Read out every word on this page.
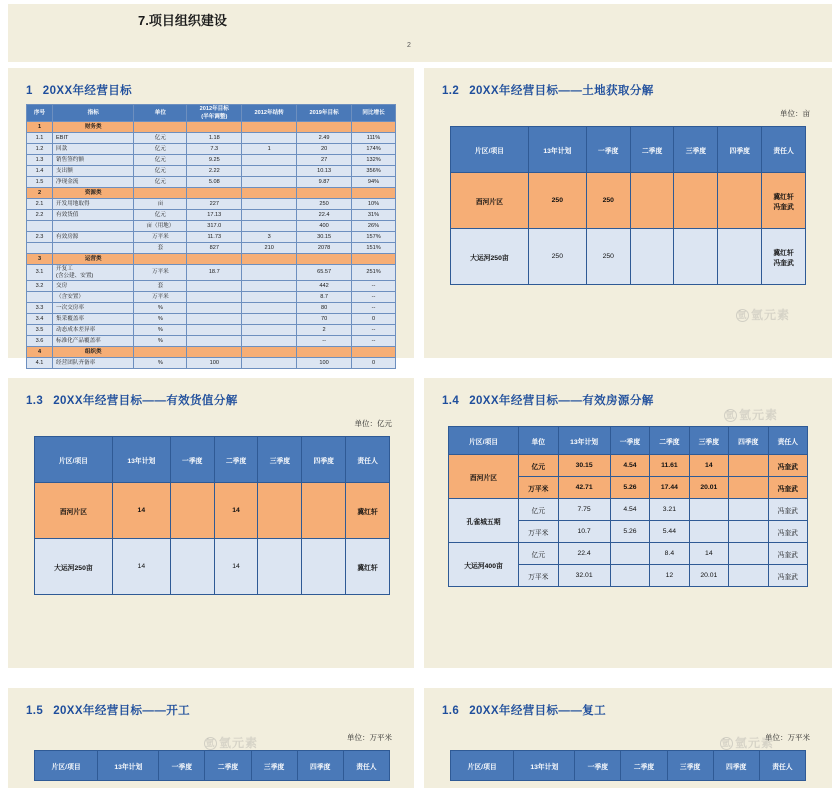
7.项目组织建设
2
1 20XX年经营目标
序号	指标	单位	2012年目标
(半年调整)	2012年结转	2019年目标	同比增长
1	财务类					
1.1	EBIT	亿元	1.18		2.49	111%
1.2	回款	亿元	7.3	1	20	174%
1.3	销售签约额	亿元	9.25		27	132%
1.4	支出额	亿元	2.22		10.13	356%
1.5	净现金流	亿元	5.08		9.87	94%
2	资源类					
2.1	开发用地取得	亩	227		250	10%
2.2	有效货值	亿元	17.13		22.4	31%
		亩（用地）	317.0		400	26%
2.3	有效房源	万平米	11.73	3	30.15	157%
		套	827	210	2078	151%
3	运营类					
3.1	开复工
(含公建、安置)	万平米	18.7		65.57	251%
3.2	交房	套			442	--
	（含安置）	万平米			8.7	--
3.3	一次交房率	%			80	--
3.4	集采覆盖率	%			70	0
3.5	动态成本差异率	%			2	--
3.6	标准化产品覆盖率	%			--	--
4	组织类					
4.1	经营团队齐备率	%	100		100	0
1.2 20XX年经营目标——土地获取分解
单位：亩
片区/项目	13年计划	一季度	二季度	三季度	四季度	责任人
酉河片区	250	250				冀红轩
冯奎武
大运河250亩	250	250				冀红轩
冯奎武
氫 氫元素
1.3 20XX年经营目标——有效货值分解
单位：亿元
片区/项目	13年计划	一季度	二季度	三季度	四季度	责任人
酉河片区	14		14			冀红轩
大运河250亩	14		14			冀红轩
1.4 20XX年经营目标——有效房源分解
片区/项目	单位	13年计划	一季度	二季度	三季度	四季度	责任人
酉河片区	亿元	30.15	4.54	11.61	14		冯奎武
	万平米	42.71	5.26	17.44	20.01		冯奎武
孔雀城五期	亿元	7.75	4.54	3.21			冯奎武
	万平米	10.7	5.26	5.44			冯奎武
大运河400亩	亿元	22.4		8.4	14		冯奎武
	万平米	32.01		12	20.01		冯奎武
氫 氫元素
1.5 20XX年经营目标——开工
单位：万平米
片区/项目	13年计划	一季度	二季度	三季度	四季度	责任人
氫 氫元素
1.6 20XX年经营目标——复工
单位：万平米
片区/项目	13年计划	一季度	二季度	三季度	四季度	责任人
氫 氫元素
